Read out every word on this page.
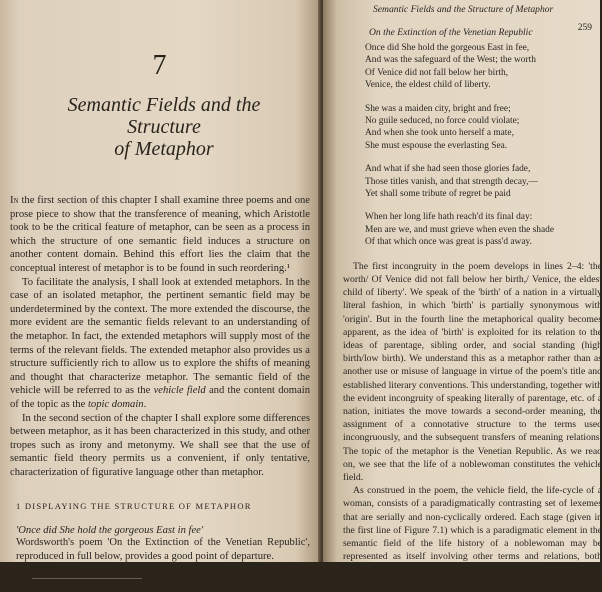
7
Semantic Fields and the Structure
of Metaphor

In the first section of this chapter I shall examine three poems and one prose piece to show that the transference of meaning, which Aristotle took to be the critical feature of metaphor, can be seen as a process in which the structure of one semantic field induces a structure on another content domain. Behind this effort lies the claim that the conceptual interest of metaphor is to be found in such reordering.¹

To facilitate the analysis, I shall look at extended metaphors. In the case of an isolated metaphor, the pertinent semantic field may be underdetermined by the context. The more extended the discourse, the more evident are the semantic fields relevant to an understanding of the metaphor. In fact, the extended metaphors will supply most of the terms of the relevant fields. The extended metaphor also provides us a structure sufficiently rich to allow us to explore the shifts of meaning and thought that characterize metaphor. The semantic field of the vehicle will be referred to as the vehicle field and the content domain of the topic as the topic domain.

In the second section of the chapter I shall explore some differences between metaphor, as it has been characterized in this study, and other tropes such as irony and metonymy. We shall see that the use of semantic field theory permits us a convenient, if only tentative, characterization of figurative language other than metaphor.

1 DISPLAYING THE STRUCTURE OF METAPHOR
'Once did She hold the gorgeous East in fee'

Wordsworth's poem 'On the Extinction of the Venetian Republic', reproduced in full below, provides a good point of departure.

¹ Section 1 of this chapter is based on Kittay and Lehrer 1981.
Semantic Fields and the Structure of Metaphor
259
On the Extinction of the Venetian Republic
Once did She hold the gorgeous East in fee,
And was the safeguard of the West; the worth
Of Venice did not fall below her birth,
Venice, the eldest child of liberty.
She was a maiden city, bright and free;
No guile seduced, no force could violate;
And when she took unto herself a mate,
She must espouse the everlasting Sea.
And what if she had seen those glories fade,
Those titles vanish, and that strength decay,—
Yet shall some tribute of regret be paid
When her long life hath reach'd its final day:
Men are we, and must grieve when even the shade
Of that which once was great is pass'd away.

The first incongruity in the poem develops in lines 2–4: 'the worth/ Of Venice did not fall below her birth,/ Venice, the eldest child of liberty'. We speak of the 'birth' of a nation in a virtually literal fashion, in which 'birth' is partially synonymous with 'origin'. But in the fourth line the metaphorical quality becomes apparent, as the idea of 'birth' is exploited for its relation to the ideas of parentage, sibling order, and social standing (high birth/low birth). We understand this as a metaphor rather than as another use or misuse of language in virtue of the poem's title and established literary conventions. This understanding, together with the evident incongruity of speaking literally of parentage, etc. of a nation, initiates the move towards a second-order meaning, the assignment of a connotative structure to the terms used incongruously, and the subsequent transfers of meaning relations. The topic of the metaphor is the Venetian Republic. As we read on, we see that the life of a noblewoman constitutes the vehicle field.

As construed in the poem, the vehicle field, the life-cycle of a woman, consists of a paradigmatically contrasting set of lexemes that are serially and non-cyclically ordered. Each stage (given in the first line of Figure 7.1) which is a paradigmatic element in the semantic field of the life history of a noblewoman may be represented as itself involving other terms and relations, both paradigmatic and syntagmatic. A birth may be 'high' or 'low' and involves a set of syntagmatic
